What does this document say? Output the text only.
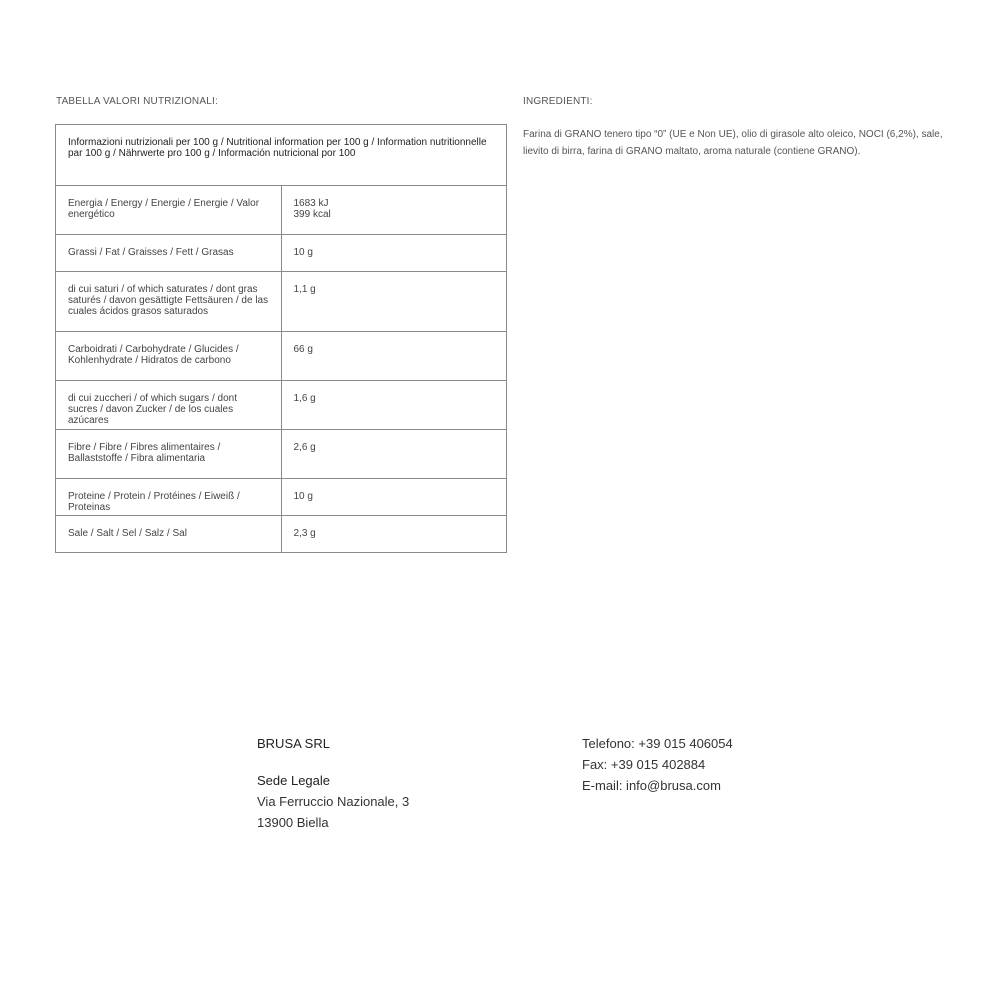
TABELLA VALORI NUTRIZIONALI:
Informazioni nutrizionali per 100 g / Nutritional information per 100 g / Information nutritionnelle par 100 g / Nährwerte pro 100 g / Información nutricional por 100	
Energia / Energy / Energie / Energie / Valor energético	1683 kJ
399 kcal

Grassi / Fat / Graisses / Fett / Grasas	10 g
di cui saturi / of which saturates / dont gras saturés / davon gesättigte Fettsäuren / de las cuales ácidos grasos saturados	1,1 g
Carboidrati / Carbohydrate / Glucides / Kohlenhydrate / Hidratos de carbono	66 g
di cui zuccheri / of which sugars / dont sucres / davon Zucker / de los cuales azúcares	1,6 g
Fibre / Fibre / Fibres alimentaires / Ballaststoffe / Fibra alimentaria	2,6 g
Proteine / Protein / Protéines / Eiweiß / Proteinas	10 g
Sale / Salt / Sel / Salz / Sal	2,3 g
INGREDIENTI:

Farina di GRANO tenero tipo “0” (UE e Non UE), olio di girasole alto oleico, NOCI (6,2%), sale, lievito di birra, farina di GRANO maltato, aroma naturale (contiene GRANO).

BRUSA SRL
Sede Legale
Via Ferruccio Nazionale, 3
13900 Biella
Telefono: +39 015 406054
Fax: +39 015 402884
E-mail: info@brusa.com
